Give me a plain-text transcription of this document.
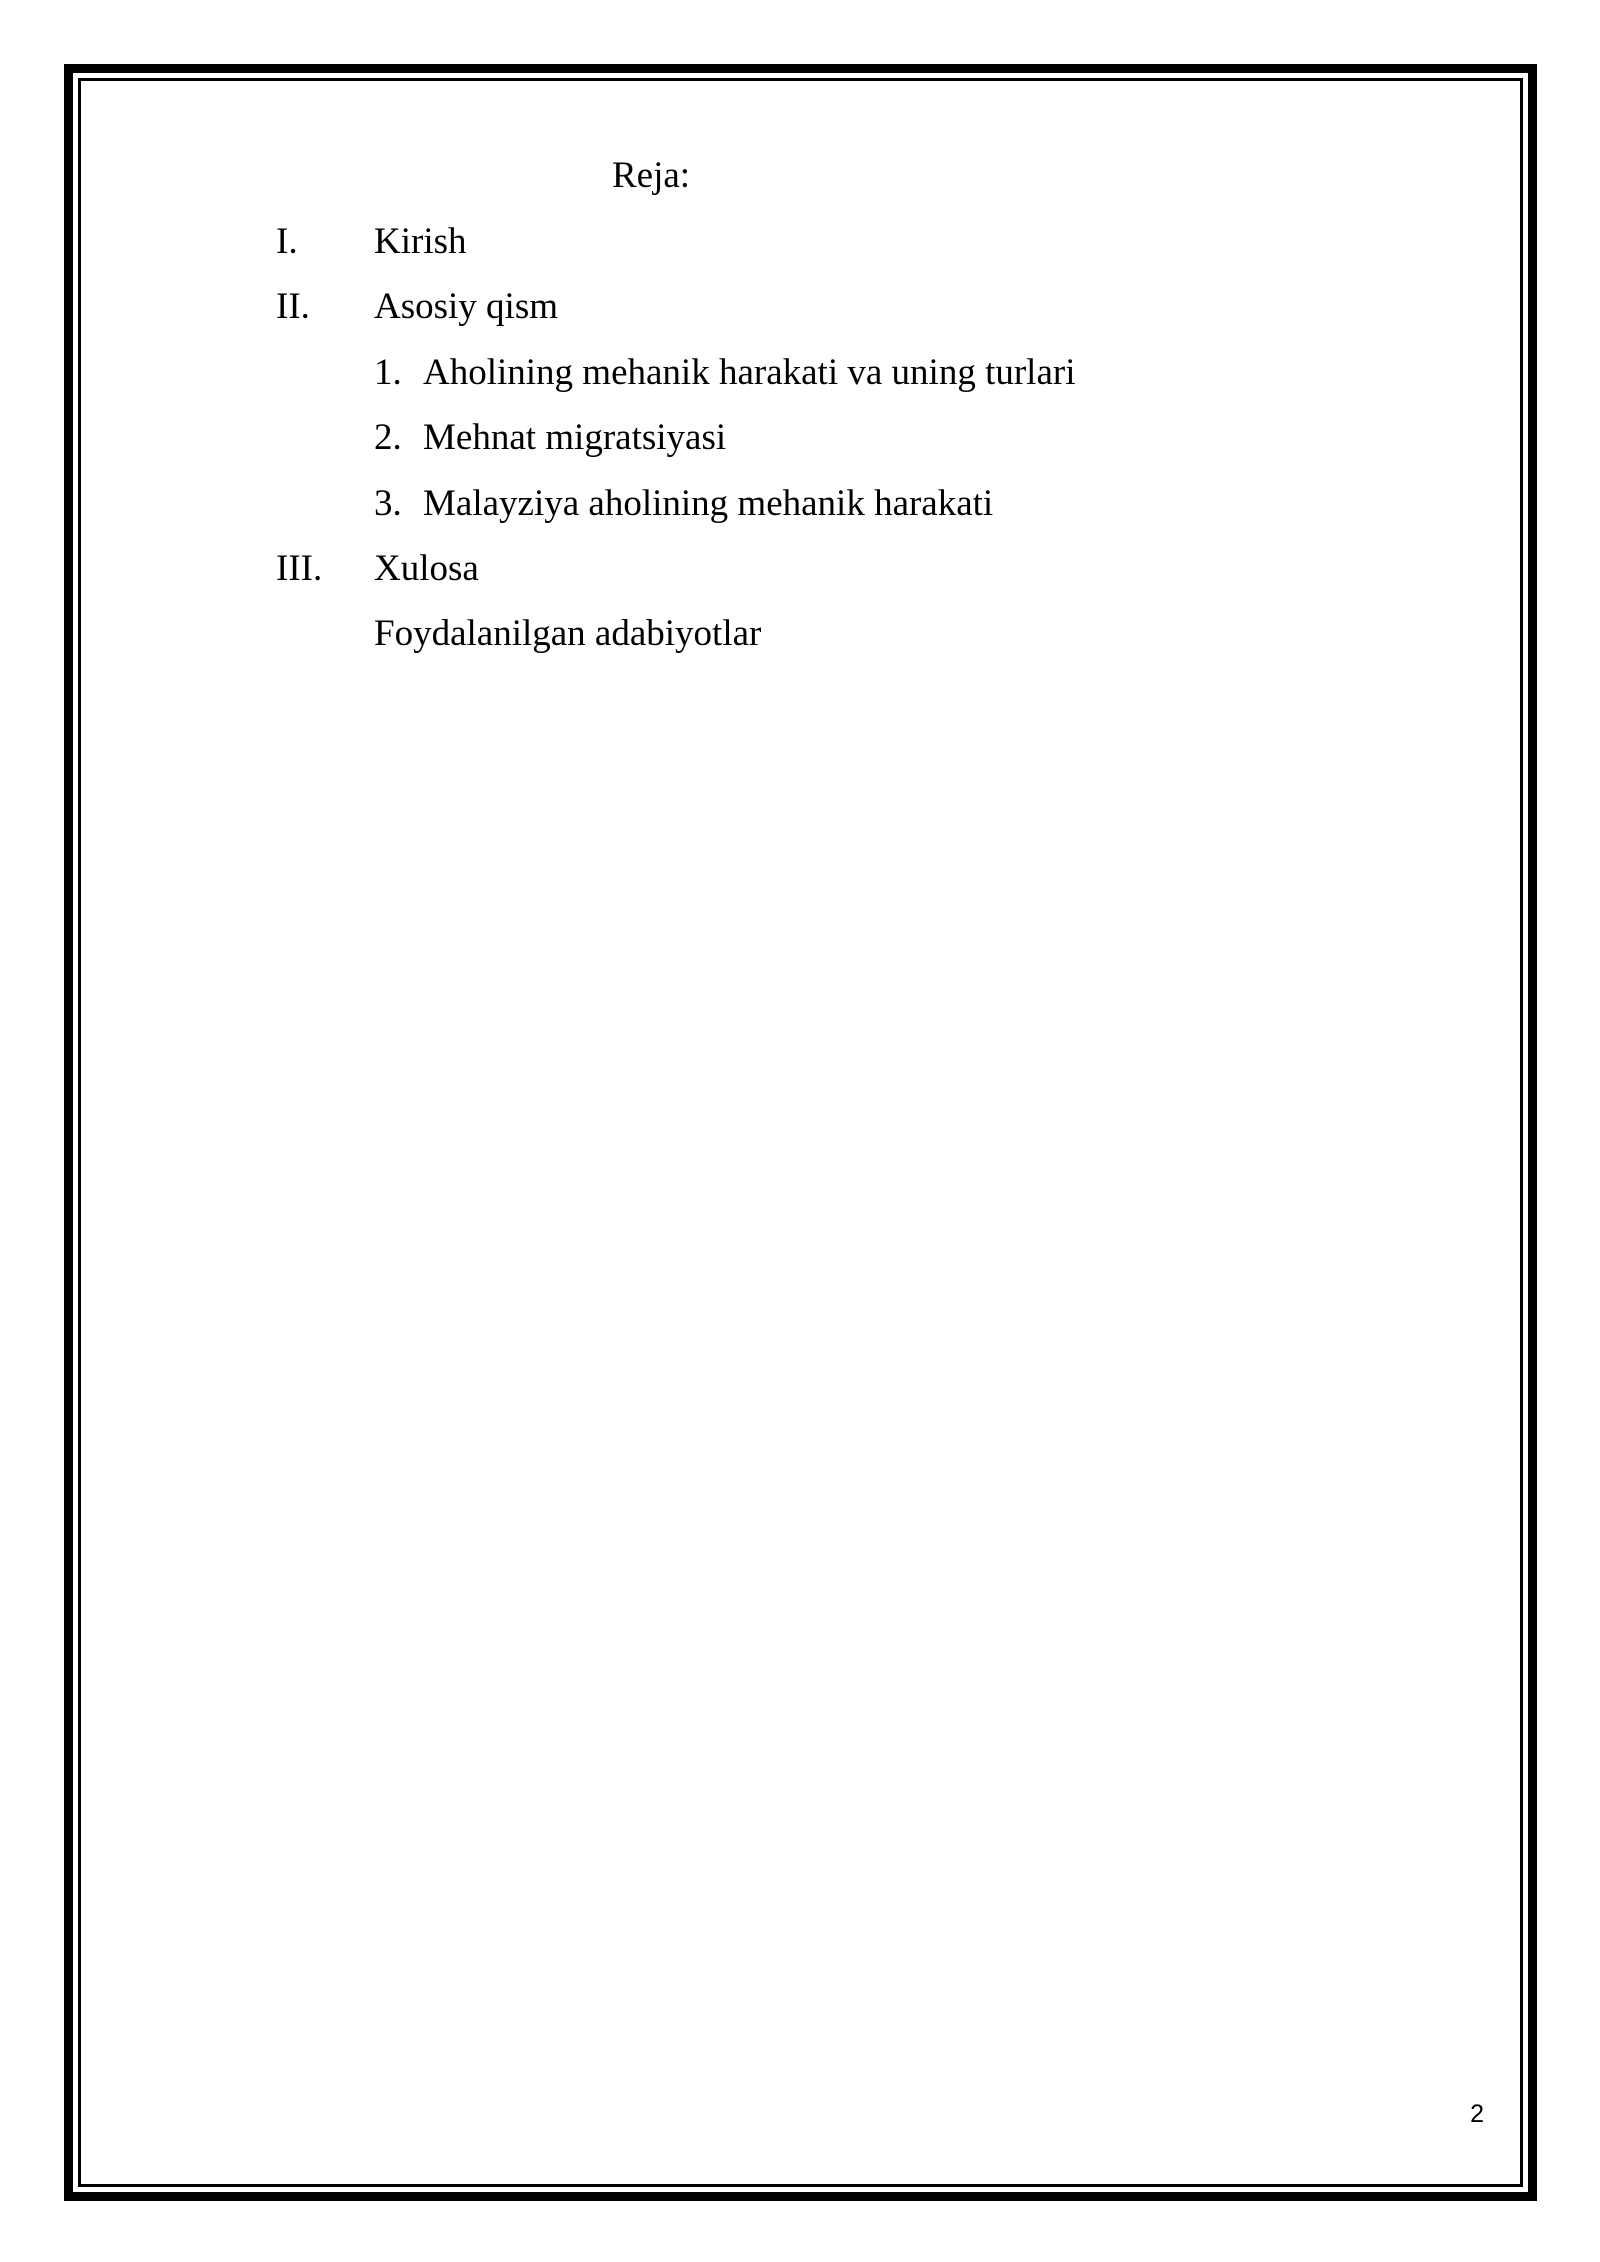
Reja:
I. Kirish
II. Asosiy qism
1. Aholining mehanik harakati va uning turlari
2. Mehnat migratsiyasi
3. Malayziya aholining mehanik harakati
III. Xulosa
Foydalanilgan adabiyotlar
2
